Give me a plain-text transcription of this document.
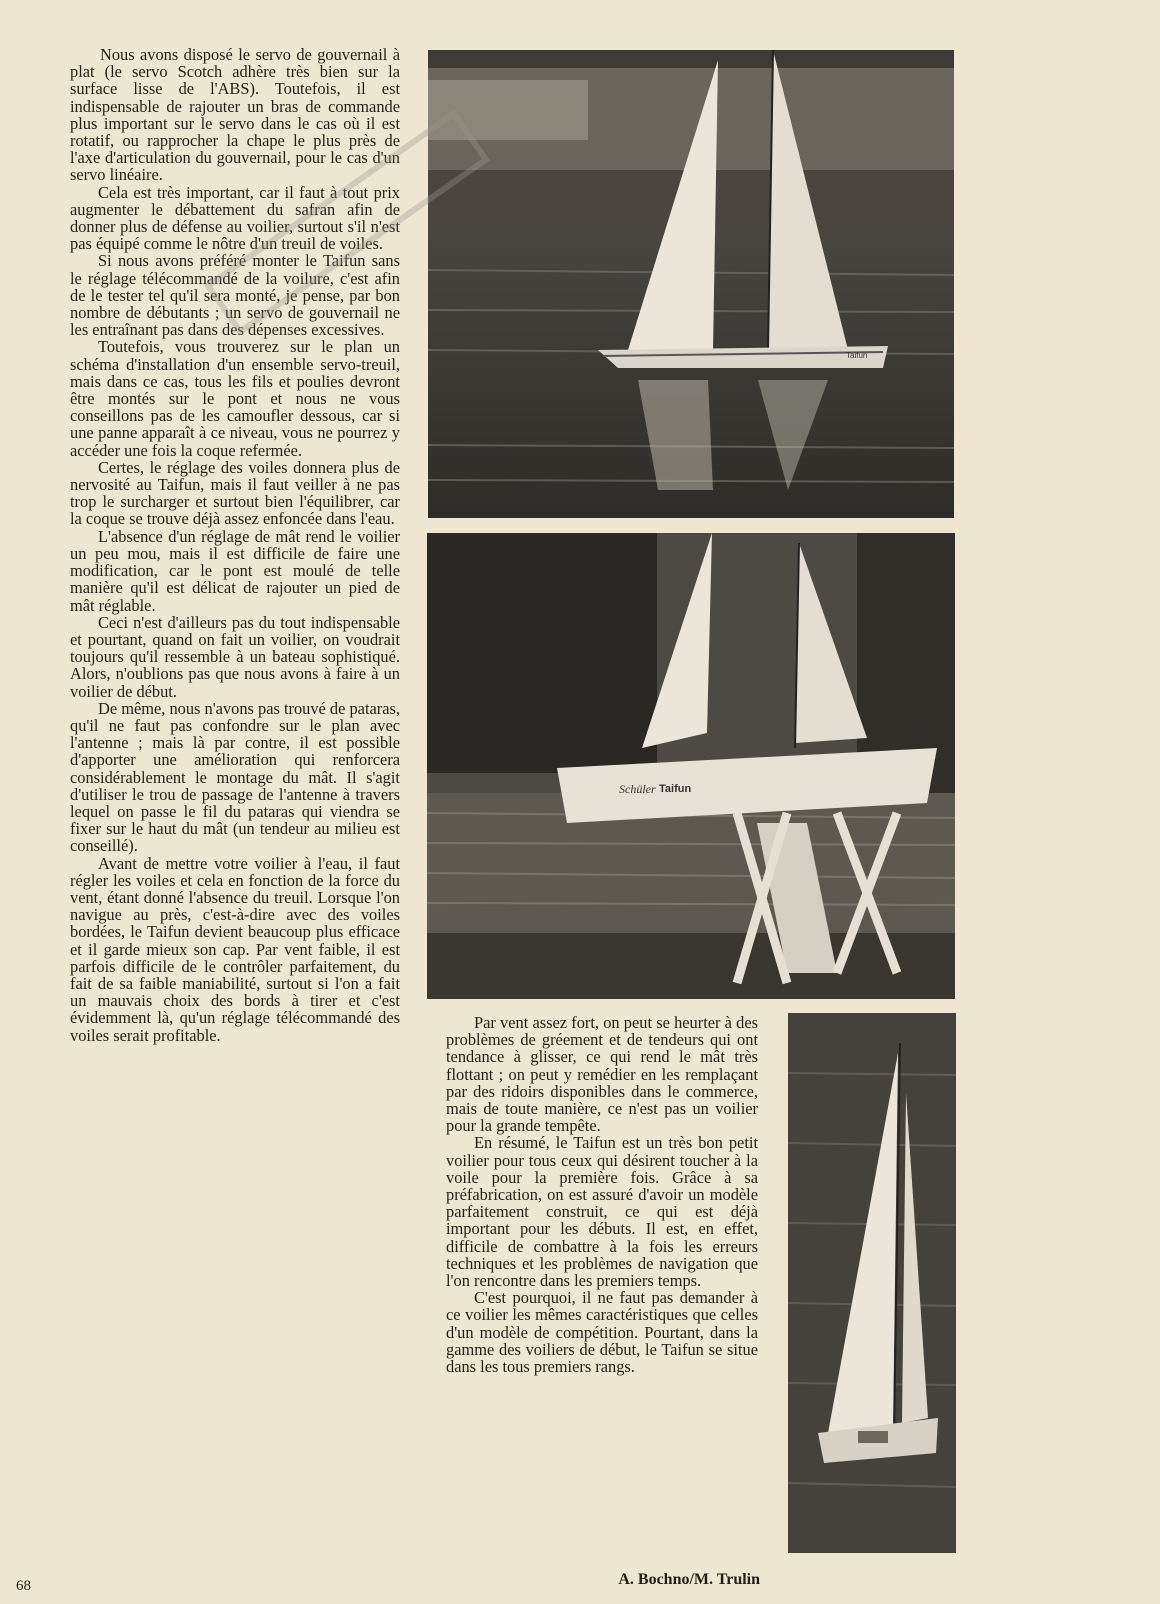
Nous avons disposé le servo de gouvernail à plat (le servo Scotch adhère très bien sur la surface lisse de l'ABS). Toutefois, il est indispensable de rajouter un bras de commande plus important sur le servo dans le cas où il est rotatif, ou rapprocher la chape le plus près de l'axe d'articulation du gouvernail, pour le cas d'un servo linéaire.

Cela est très important, car il faut à tout prix augmenter le débattement du safran afin de donner plus de défense au voilier, surtout s'il n'est pas équipé comme le nôtre d'un treuil de voiles.

Si nous avons préféré monter le Taifun sans le réglage télécommandé de la voilure, c'est afin de le tester tel qu'il sera monté, je pense, par bon nombre de débutants ; un servo de gouvernail ne les entraînant pas dans des dépenses excessives.

Toutefois, vous trouverez sur le plan un schéma d'installation d'un ensemble servo-treuil, mais dans ce cas, tous les fils et poulies devront être montés sur le pont et nous ne vous conseillons pas de les camoufler dessous, car si une panne apparaît à ce niveau, vous ne pourrez y accéder une fois la coque refermée.

Certes, le réglage des voiles donnera plus de nervosité au Taifun, mais il faut veiller à ne pas trop le surcharger et surtout bien l'équilibrer, car la coque se trouve déjà assez enfoncée dans l'eau.

L'absence d'un réglage de mât rend le voilier un peu mou, mais il est difficile de faire une modification, car le pont est moulé de telle manière qu'il est délicat de rajouter un pied de mât réglable.

Ceci n'est d'ailleurs pas du tout indispensable et pourtant, quand on fait un voilier, on voudrait toujours qu'il ressemble à un bateau sophistiqué. Alors, n'oublions pas que nous avons à faire à un voilier de début.

De même, nous n'avons pas trouvé de pataras, qu'il ne faut pas confondre sur le plan avec l'antenne ; mais là par contre, il est possible d'apporter une amélioration qui renforcera considérablement le montage du mât. Il s'agit d'utiliser le trou de passage de l'antenne à travers lequel on passe le fil du pataras qui viendra se fixer sur le haut du mât (un tendeur au milieu est conseillé).

Avant de mettre votre voilier à l'eau, il faut régler les voiles et cela en fonction de la force du vent, étant donné l'absence du treuil. Lorsque l'on navigue au près, c'est-à-dire avec des voiles bordées, le Taifun devient beaucoup plus efficace et il garde mieux son cap. Par vent faible, il est parfois difficile de le contrôler parfaitement, du fait de sa faible maniabilité, surtout si l'on a fait un mauvais choix des bords à tirer et c'est évidemment là, qu'un réglage télécommandé des voiles serait profitable.

Par vent assez fort, on peut se heurter à des problèmes de gréement et de tendeurs qui ont tendance à glisser, ce qui rend le mât très flottant ; on peut y remédier en les remplaçant par des ridoirs disponibles dans le commerce, mais de toute manière, ce n'est pas un voilier pour la grande tempête.

En résumé, le Taifun est un très bon petit voilier pour tous ceux qui désirent toucher à la voile pour la première fois. Grâce à sa préfabrication, on est assuré d'avoir un modèle parfaitement construit, ce qui est déjà important pour les débuts. Il est, en effet, difficile de combattre à la fois les erreurs techniques et les problèmes de navigation que l'on rencontre dans les premiers temps.

C'est pourquoi, il ne faut pas demander à ce voilier les mêmes caractéristiques que celles d'un modèle de compétition. Pourtant, dans la gamme des voiliers de début, le Taifun se situe dans les tous premiers rangs.

A. Bochno/M. Trulin
68
Taifun
Schüler Taifun
